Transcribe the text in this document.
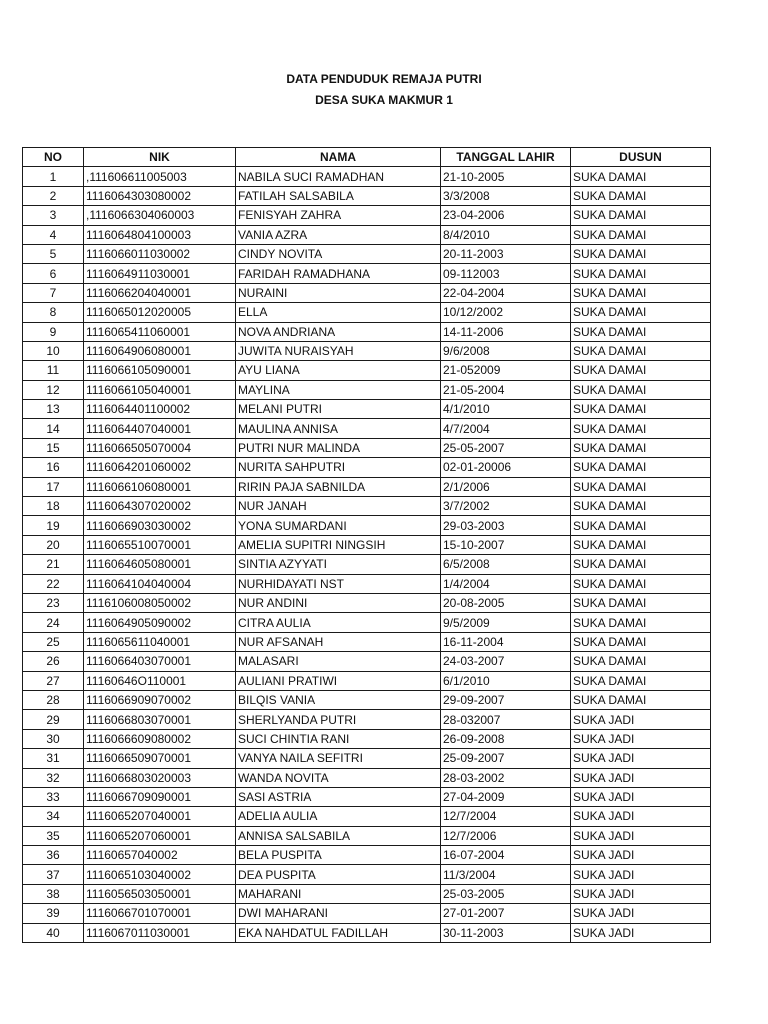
DATA PENDUDUK REMAJA PUTRI
DESA SUKA MAKMUR 1
NO	NIK	NAMA	TANGGAL LAHIR	DUSUN
1	,111606611005003	NABILA SUCI RAMADHAN	21-10-2005	SUKA DAMAI
2	1116064303080002	FATILAH SALSABILA	3/3/2008	SUKA DAMAI
3	,1116066304060003	FENISYAH ZAHRA	23-04-2006	SUKA DAMAI
4	1116064804100003	VANIA AZRA	8/4/2010	SUKA DAMAI
5	1116066011030002	CINDY NOVITA	20-11-2003	SUKA DAMAI
6	1116064911030001	FARIDAH RAMADHANA	09-112003	SUKA DAMAI
7	1116066204040001	NURAINI	22-04-2004	SUKA DAMAI
8	1116065012020005	ELLA	10/12/2002	SUKA DAMAI
9	1116065411060001	NOVA ANDRIANA	14-11-2006	SUKA DAMAI
10	1116064906080001	JUWITA NURAISYAH	9/6/2008	SUKA DAMAI
11	1116066105090001	AYU LIANA	21-052009	SUKA DAMAI
12	1116066105040001	MAYLINA	21-05-2004	SUKA DAMAI
13	1116064401100002	MELANI PUTRI	4/1/2010	SUKA DAMAI
14	1116064407040001	MAULINA ANNISA	4/7/2004	SUKA DAMAI
15	1116066505070004	PUTRI NUR MALINDA	25-05-2007	SUKA DAMAI
16	1116064201060002	NURITA SAHPUTRI	02-01-20006	SUKA DAMAI
17	1116066106080001	RIRIN PAJA SABNILDA	2/1/2006	SUKA DAMAI
18	1116064307020002	NUR JANAH	3/7/2002	SUKA DAMAI
19	1116066903030002	YONA SUMARDANI	29-03-2003	SUKA DAMAI
20	1116065510070001	AMELIA SUPITRI NINGSIH	15-10-2007	SUKA DAMAI
21	1116064605080001	SINTIA AZYYATI	6/5/2008	SUKA DAMAI
22	1116064104040004	NURHIDAYATI NST	1/4/2004	SUKA DAMAI
23	1116106008050002	NUR ANDINI	20-08-2005	SUKA DAMAI
24	1116064905090002	CITRA AULIA	9/5/2009	SUKA DAMAI
25	1116065611040001	NUR AFSANAH	16-11-2004	SUKA DAMAI
26	1116066403070001	MALASARI	24-03-2007	SUKA DAMAI
27	11160646O110001	AULIANI PRATIWI	6/1/2010	SUKA DAMAI
28	1116066909070002	BILQIS VANIA	29-09-2007	SUKA DAMAI
29	1116066803070001	SHERLYANDA PUTRI	28-032007	SUKA JADI
30	1116066609080002	SUCI CHINTIA RANI	26-09-2008	SUKA JADI
31	1116066509070001	VANYA NAILA SEFITRI	25-09-2007	SUKA JADI
32	1116066803020003	WANDA NOVITA	28-03-2002	SUKA JADI
33	1116066709090001	SASI ASTRIA	27-04-2009	SUKA JADI
34	1116065207040001	ADELIA AULIA	12/7/2004	SUKA JADI
35	1116065207060001	ANNISA SALSABILA	12/7/2006	SUKA JADI
36	11160657040002	BELA PUSPITA	16-07-2004	SUKA JADI
37	1116065103040002	DEA PUSPITA	11/3/2004	SUKA JADI
38	1116056503050001	MAHARANI	25-03-2005	SUKA JADI
39	1116066701070001	DWI MAHARANI	27-01-2007	SUKA JADI
40	1116067011030001	EKA NAHDATUL FADILLAH	30-11-2003	SUKA JADI
